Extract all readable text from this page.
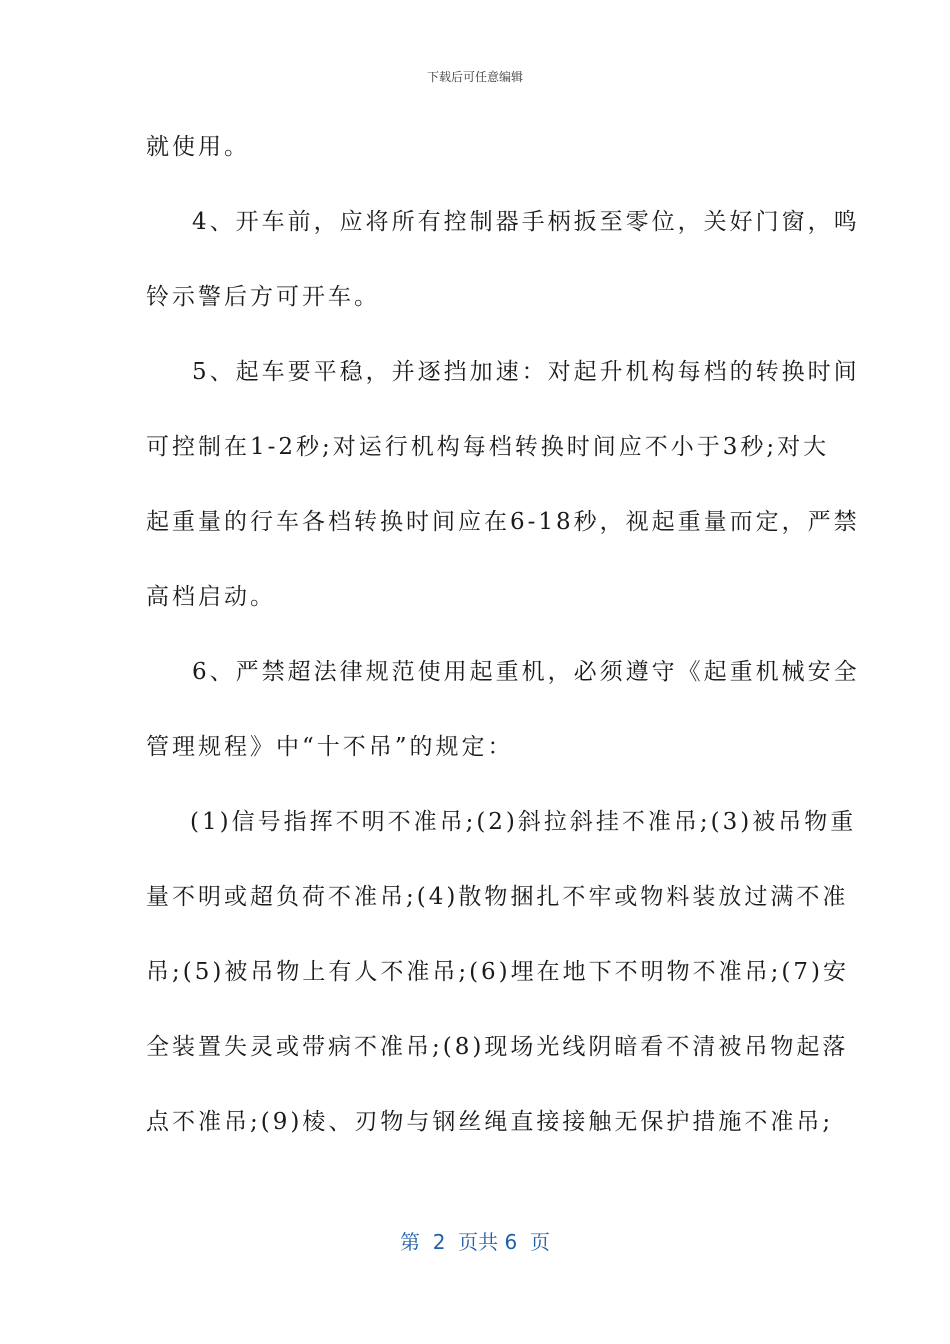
下载后可任意编辑
就使用。
4、开车前，应将所有控制器手柄扳至零位，关好门窗，鸣
铃示警后方可开车。
5、起车要平稳，并逐挡加速：对起升机构每档的转换时间
可控制在1-2秒;对运行机构每档转换时间应不小于3秒;对大
起重量的行车各档转换时间应在6-18秒，视起重量而定，严禁
高档启动。
6、严禁超法律规范使用起重机，必须遵守《起重机械安全
管理规程》中“十不吊”的规定：
(1)信号指挥不明不准吊;(2)斜拉斜挂不准吊;(3)被吊物重
量不明或超负荷不准吊;(4)散物捆扎不牢或物料装放过满不准
吊;(5)被吊物上有人不准吊;(6)埋在地下不明物不准吊;(7)安
全装置失灵或带病不准吊;(8)现场光线阴暗看不清被吊物起落
点不准吊;(9)棱、刃物与钢丝绳直接接触无保护措施不准吊;
第  2  页共 6  页
